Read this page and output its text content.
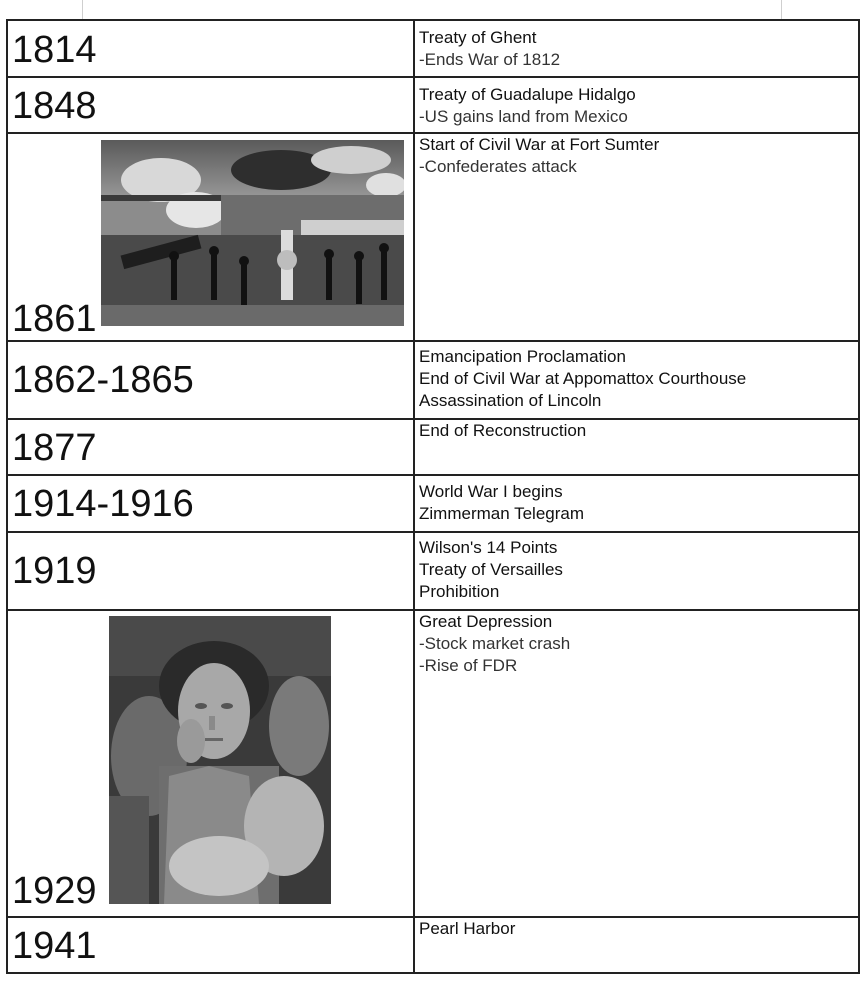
1814	Treaty of Ghent
-Ends War of 1812

1848	Treaty of Guadalupe Hidalgo
-US gains land from Mexico

1861	Start of Civil War at Fort Sumter
-Confederates attack

1862-1865	Emancipation Proclamation
End of Civil War at Appomattox Courthouse
Assassination of Lincoln

1877	End of Reconstruction

1914-1916	World War I begins
Zimmerman Telegram

1919	Wilson's 14 Points
Treaty of Versailles
Prohibition

1929	Great Depression
-Stock market crash
-Rise of FDR

1941	Pearl Harbor
